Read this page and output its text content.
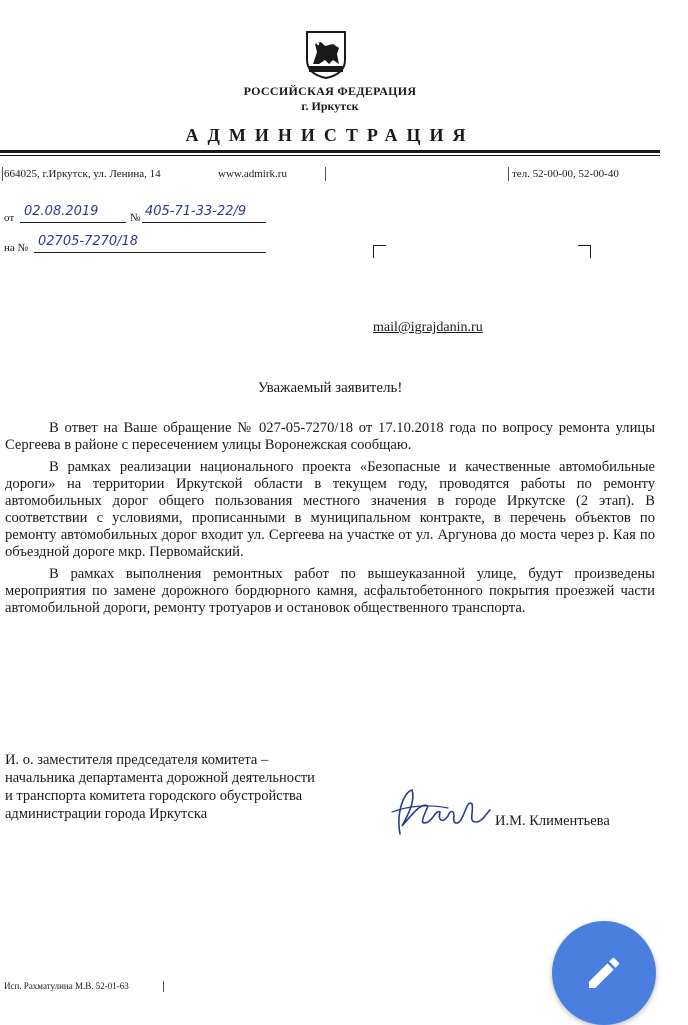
РОССИЙСКАЯ ФЕДЕРАЦИЯ
г. Иркутск
АДМИНИСТРАЦИЯ
664025, г.Иркутск, ул. Ленина, 14	www.admirk.ru	тел. 52-00-00, 52-00-40
от 02.08.2019	№ 405-71-33-22/9
на № 02705-7270/18
mail@igrajdanin.ru
Уважаемый заявитель!

В ответ на Ваше обращение № 027-05-7270/18 от 17.10.2018 года по вопросу ремонта улицы Сергеева в районе с пересечением улицы Воронежская сообщаю.

В рамках реализации национального проекта «Безопасные и качественные автомобильные дороги» на территории Иркутской области в текущем году, проводятся работы по ремонту автомобильных дорог общего пользования местного значения в городе Иркутске (2 этап). В соответствии с условиями, прописанными в муниципальном контракте, в перечень объектов по ремонту автомобильных дорог входит ул. Сергеева на участке от ул. Аргунова до моста через р. Кая по объездной дороге мкр. Первомайский.

В рамках выполнения ремонтных работ по вышеуказанной улице, будут произведены мероприятия по замене дорожного бордюрного камня, асфальтобетонного покрытия проезжей части автомобильной дороги, ремонту тротуаров и остановок общественного транспорта.

И. о. заместителя председателя комитета –
начальника департамента дорожной деятельности
и транспорта комитета городского обустройства
администрации города Иркутска	И.М. Климентьева
Исп. Рахматулина М.В. 52-01-63
